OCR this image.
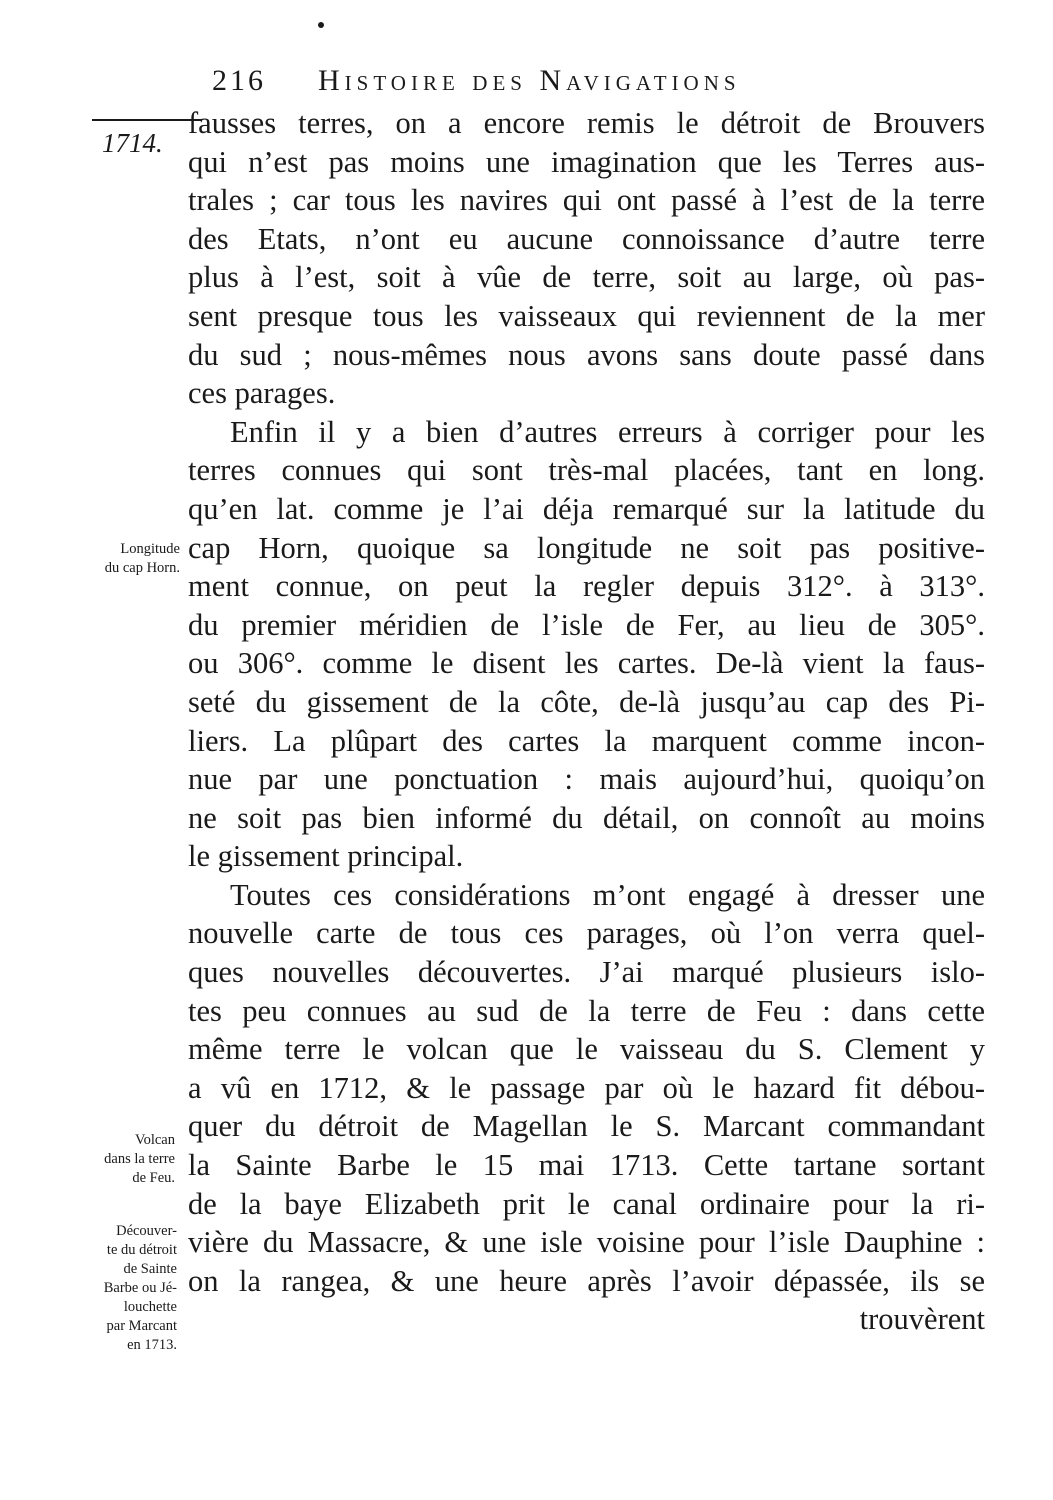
216 Histoire des Navigations
1714.
Longitude
du cap Horn.
Volcan
dans la terre
de Feu.
Découver-
te du détroit
de Sainte
Barbe ou Jé-
louchette
par Marcant
en 1713.
fausses terres, on a encore remis le détroit de Brouvers
qui n’est pas moins une imagination que les Terres aus-
trales ; car tous les navires qui ont passé à l’est de la terre
des Etats, n’ont eu aucune connoissance d’autre terre
plus à l’est, soit à vûe de terre, soit au large, où pas-
sent presque tous les vaisseaux qui reviennent de la mer
du sud ; nous-mêmes nous avons sans doute passé dans
ces parages.
Enfin il y a bien d’autres erreurs à corriger pour les
terres connues qui sont très-mal placées, tant en long.
qu’en lat. comme je l’ai déja remarqué sur la latitude du
cap Horn, quoique sa longitude ne soit pas positive-
ment connue, on peut la regler depuis 312°. à 313°.
du premier méridien de l’isle de Fer, au lieu de 305°.
ou 306°. comme le disent les cartes. De-là vient la faus-
seté du gissement de la côte, de-là jusqu’au cap des Pi-
liers. La plûpart des cartes la marquent comme incon-
nue par une ponctuation : mais aujourd’hui, quoiqu’on
ne soit pas bien informé du détail, on connoît au moins
le gissement principal.
Toutes ces considérations m’ont engagé à dresser une
nouvelle carte de tous ces parages, où l’on verra quel-
ques nouvelles découvertes. J’ai marqué plusieurs islo-
tes peu connues au sud de la terre de Feu : dans cette
même terre le volcan que le vaisseau du S. Clement y
a vû en 1712, & le passage par où le hazard fit débou-
quer du détroit de Magellan le S. Marcant commandant
la Sainte Barbe le 15 mai 1713. Cette tartane sortant
de la baye Elizabeth prit le canal ordinaire pour la ri-
vière du Massacre, & une isle voisine pour l’isle Dauphine :
on la rangea, & une heure après l’avoir dépassée, ils se
trouvèrent
